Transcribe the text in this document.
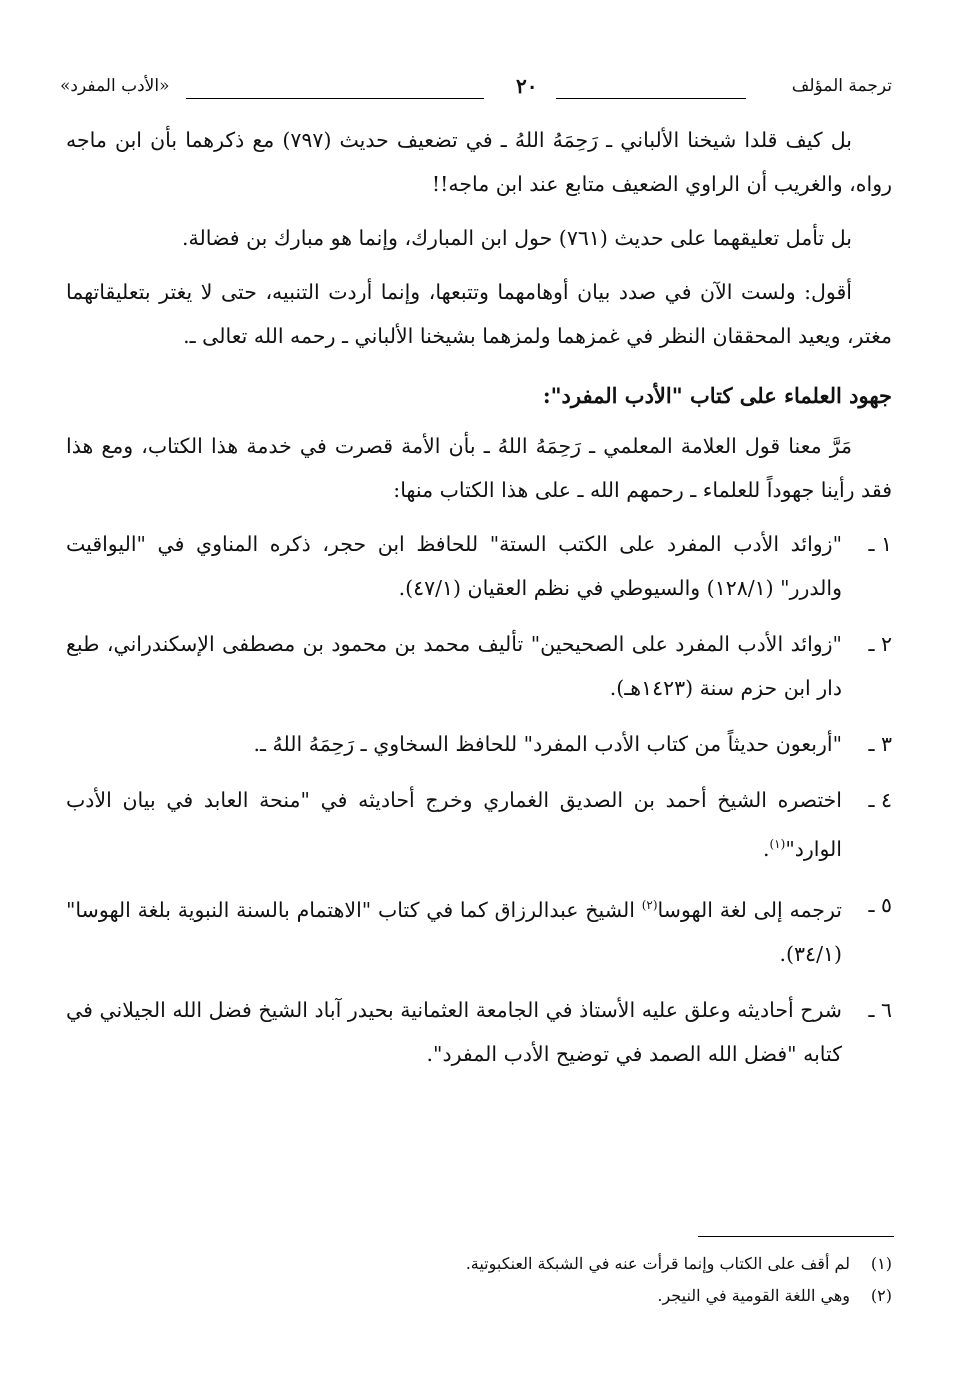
ترجمة المؤلف
٢٠
«الأدب المفرد»

بل كيف قلدا شيخنا الألباني ـ رَحِمَهُ اللهُ ـ في تضعيف حديث (٧٩٧) مع ذكرهما بأن ابن ماجه رواه، والغريب أن الراوي الضعيف متابع عند ابن ماجه!!

بل تأمل تعليقهما على حديث (٧٦١) حول ابن المبارك، وإنما هو مبارك بن فضالة.

أقول: ولست الآن في صدد بيان أوهامهما وتتبعها، وإنما أردت التنبيه، حتى لا يغتر بتعليقاتهما مغتر، ويعيد المحققان النظر في غمزهما ولمزهما بشيخنا الألباني ـ رحمه الله تعالى ـ.

جهود العلماء على كتاب "الأدب المفرد":

مَرَّ معنا قول العلامة المعلمي ـ رَحِمَهُ اللهُ ـ بأن الأمة قصرت في خدمة هذا الكتاب، ومع هذا فقد رأينا جهوداً للعلماء ـ رحمهم الله ـ على هذا الكتاب منها:

١ ـ
"زوائد الأدب المفرد على الكتب الستة" للحافظ ابن حجر، ذكره المناوي في "اليواقيت والدرر" (١٢٨/١) والسيوطي في نظم العقيان (٤٧/١).
٢ ـ
"زوائد الأدب المفرد على الصحيحين" تأليف محمد بن محمود بن مصطفى الإسكندراني، طبع دار ابن حزم سنة (١٤٢٣هـ).
٣ ـ
"أربعون حديثاً من كتاب الأدب المفرد" للحافظ السخاوي ـ رَحِمَهُ اللهُ ـ.
٤ ـ
اختصره الشيخ أحمد بن الصديق الغماري وخرج أحاديثه في "منحة العابد في بيان الأدب الوارد"$^{(١)}$.
٥ ـ
ترجمه إلى لغة الهوسا$^{(٢)}$ الشيخ عبدالرزاق كما في كتاب "الاهتمام بالسنة النبوية بلغة الهوسا" (٣٤/١).
٦ ـ
شرح أحاديثه وعلق عليه الأستاذ في الجامعة العثمانية بحيدر آباد الشيخ فضل الله الجيلاني في كتابه "فضل الله الصمد في توضيح الأدب المفرد".
(١)
لم أقف على الكتاب وإنما قرأت عنه في الشبكة العنكبوتية.
(٢)
وهي اللغة القومية في النيجر.
